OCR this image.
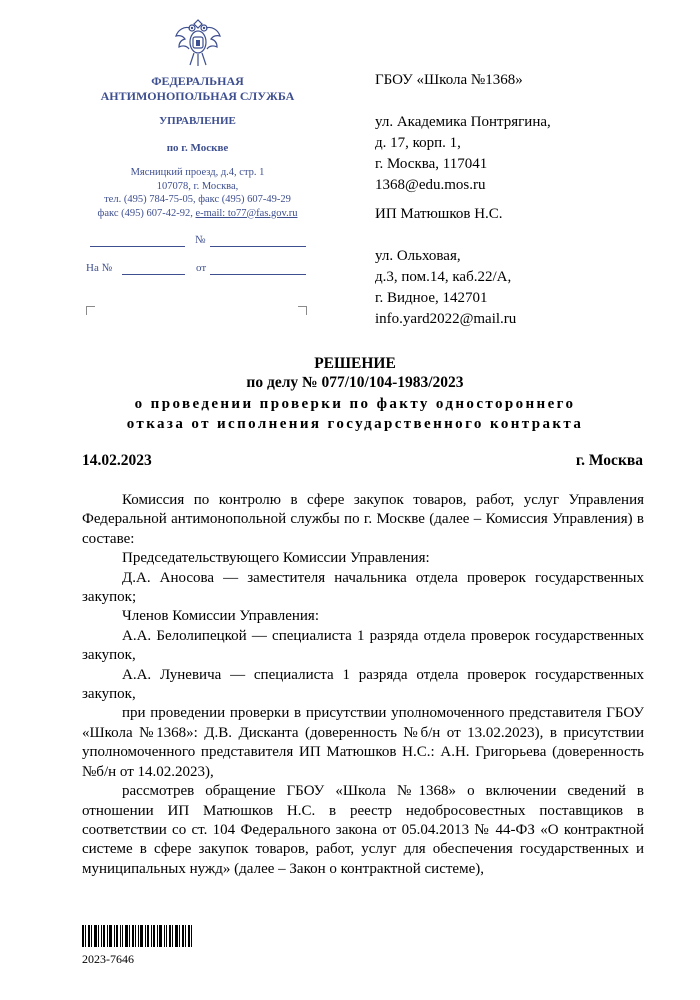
ФЕДЕРАЛЬНАЯ
АНТИМОНОПОЛЬНАЯ СЛУЖБА
УПРАВЛЕНИЕ
по г. Москве
Мясницкий проезд, д.4, стр. 1
107078, г. Москва,
тел. (495) 784-75-05, факс (495) 607-49-29
факс (495) 607-42-92, e-mail: to77@fas.gov.ru
№
На №	от
ГБОУ «Школа №1368»

ул. Академика Понтрягина,
д. 17, корп. 1,
г. Москва, 117041
1368@edu.mos.ru
ИП Матюшков Н.С.

ул. Ольховая,
д.3, пом.14, каб.22/А,
г. Видное, 142701
info.yard2022@mail.ru
РЕШЕНИЕ
по делу № 077/10/104-1983/2023
о проведении проверки по факту одностороннего
отказа от исполнения государственного контракта
14.02.2023	г. Москва

Комиссия по контролю в сфере закупок товаров, работ, услуг Управления Федеральной антимонопольной службы по г. Москве (далее – Комиссия Управления) в составе:

Председательствующего Комиссии Управления:

Д.А. Аносова — заместителя начальника отдела проверок государственных закупок;

Членов Комиссии Управления:

А.А. Белолипецкой — специалиста 1 разряда отдела проверок государственных закупок,

А.А. Луневича — специалиста 1 разряда отдела проверок государственных закупок,

при проведении проверки в присутствии уполномоченного представителя ГБОУ «Школа №1368»: Д.В. Дисканта (доверенность №б/н от 13.02.2023), в присутствии уполномоченного представителя ИП Матюшков Н.С.: А.Н. Григорьева (доверенность №б/н от 14.02.2023),

рассмотрев обращение ГБОУ «Школа №1368» о включении сведений в отношении ИП Матюшков Н.С. в реестр недобросовестных поставщиков в соответствии со ст. 104 Федерального закона от 05.04.2013 № 44-ФЗ «О контрактной системе в сфере закупок товаров, работ, услуг для обеспечения государственных и муниципальных нужд» (далее – Закон о контрактной системе),

2023-7646
